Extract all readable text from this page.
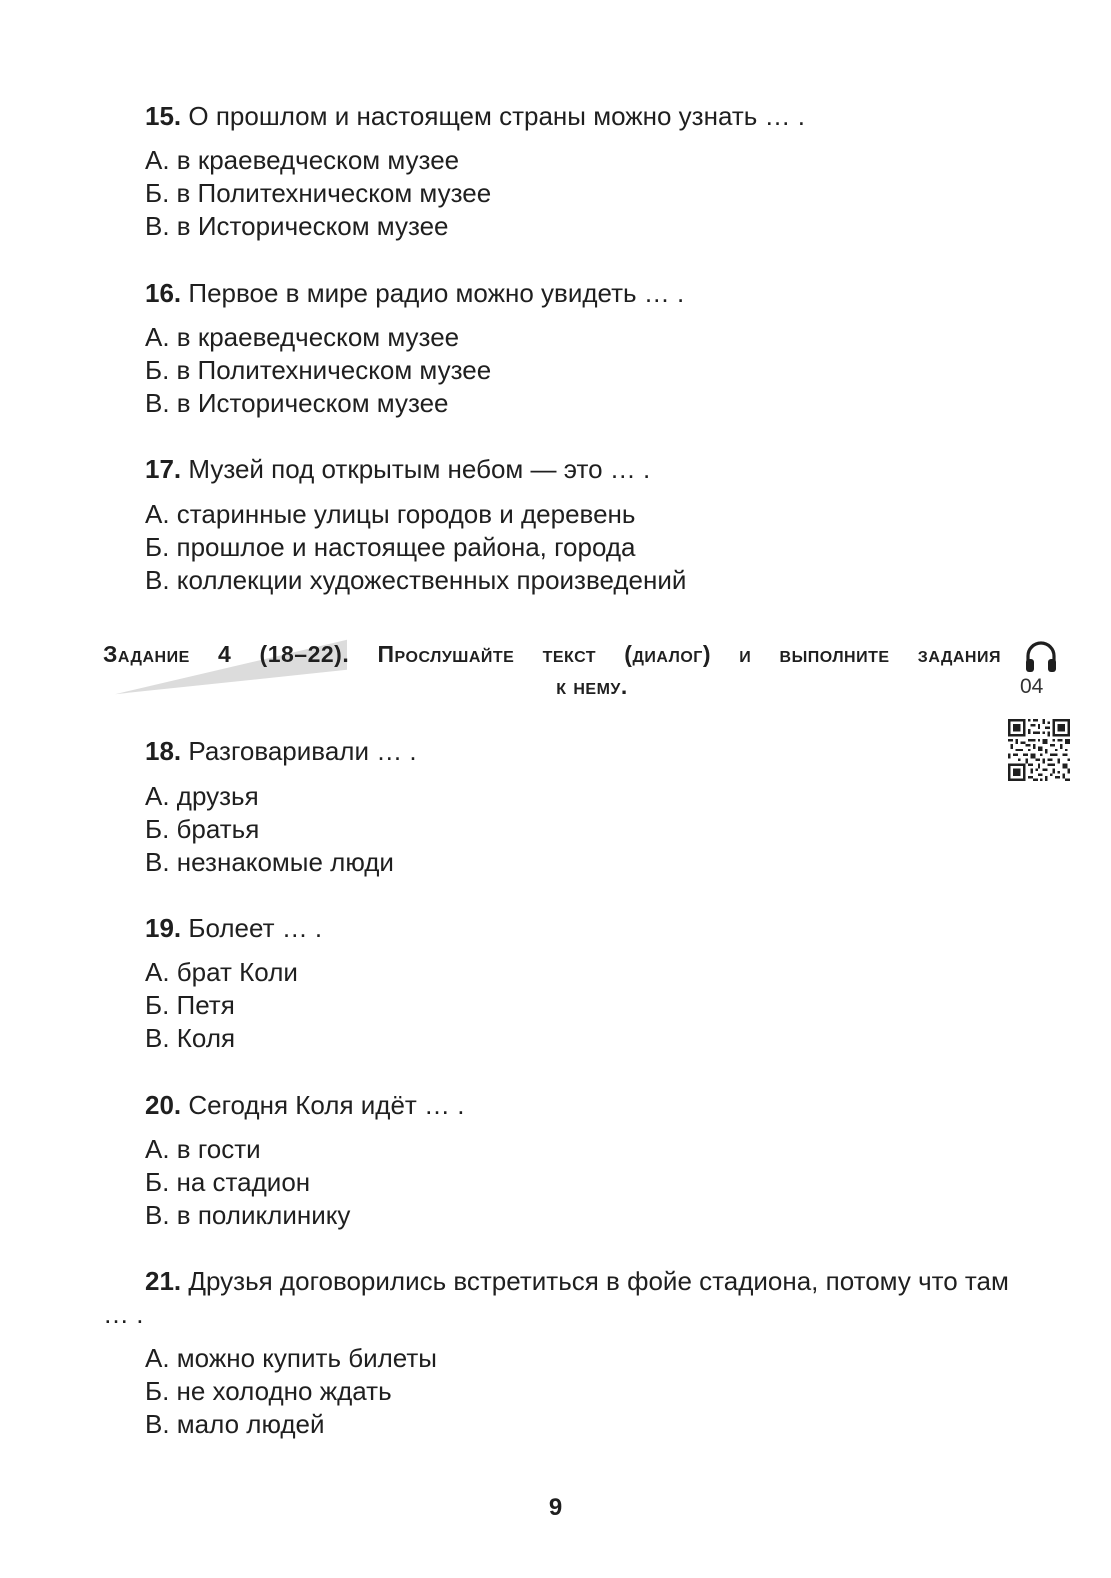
15. О прошлом и настоящем страны можно узнать … .
А. в краеведческом музее
Б. в Политехническом музее
В. в Историческом музее
16. Первое в мире радио можно увидеть … .
А. в краеведческом музее
Б. в Политехническом музее
В. в Историческом музее
17. Музей под открытым небом — это … .
А. старинные улицы городов и деревень
Б. прошлое и настоящее района, города
В. коллекции художественных произведений
Задание 4 (18–22). Прослушайте текст (диалог) и выполните задания
к нему.	04
18. Разговаривали … .
А. друзья
Б. братья
В. незнакомые люди
19. Болеет … .
А. брат Коли
Б. Петя
В. Коля
20. Сегодня Коля идёт … .
А. в гости
Б. на стадион
В. в поликлинику
21. Друзья договорились встретиться в фойе стадиона, потому что там … .
А. можно купить билеты
Б. не холодно ждать
В. мало людей
9
